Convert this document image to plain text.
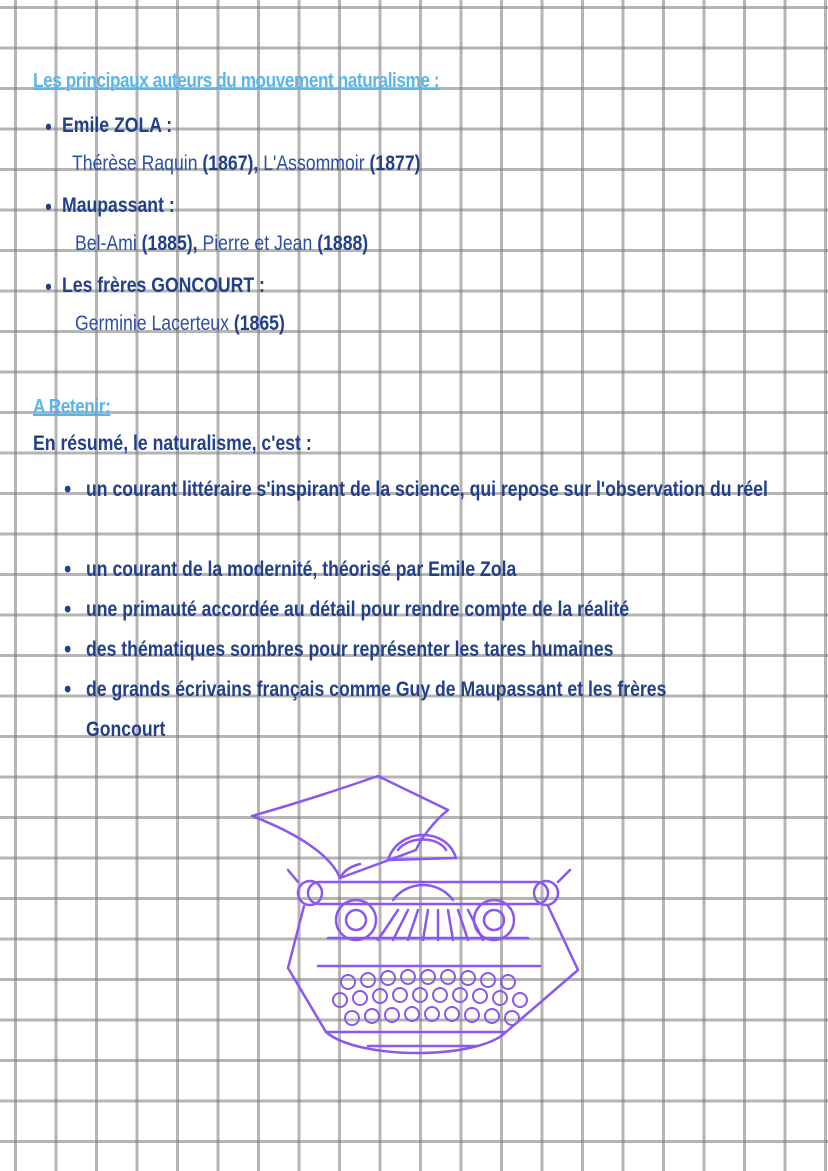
Les principaux auteurs du mouvement naturalisme :
• Emile ZOLA :
Thérèse Raquin (1867), L'Assommoir (1877)
• Maupassant :
Bel-Ami (1885), Pierre et Jean (1888)
• Les frères GONCOURT :
Germinie Lacerteux (1865)
A Retenir:
En résumé, le naturalisme, c'est :
• un courant littéraire s'inspirant de la science, qui repose sur l'observation du réel
• un courant de la modernité, théorisé par Emile Zola
• une primauté accordée au détail pour rendre compte de la réalité
• des thématiques sombres pour représenter les tares humaines
• de grands écrivains français comme Guy de Maupassant et les frères Goncourt
